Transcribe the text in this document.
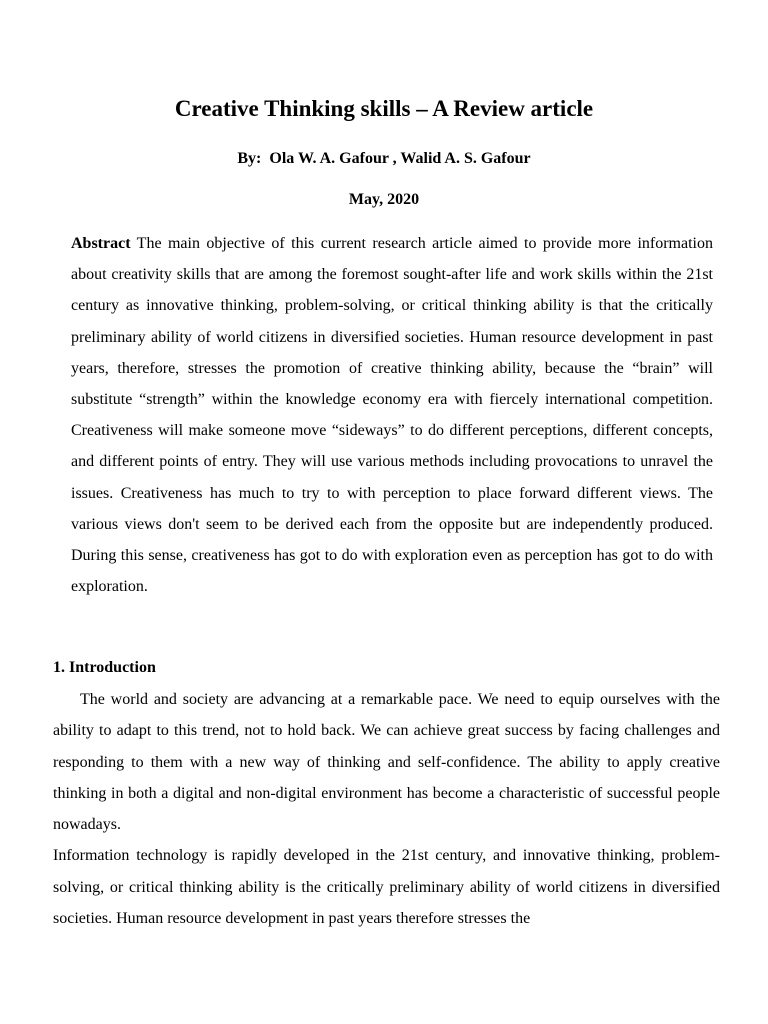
Creative Thinking skills – A Review article

By:  Ola W. A. Gafour , Walid A. S. Gafour

May, 2020

Abstract The main objective of this current research article aimed to provide more information about creativity skills that are among the foremost sought-after life and work skills within the 21st century as innovative thinking, problem-solving, or critical thinking ability is that the critically preliminary ability of world citizens in diversified societies. Human resource development in past years, therefore, stresses the promotion of creative thinking ability, because the “brain” will substitute “strength” within the knowledge economy era with fiercely international competition. Creativeness will make someone move “sideways” to do different perceptions, different concepts, and different points of entry. They will use various methods including provocations to unravel the issues. Creativeness has much to try to with perception to place forward different views. The various views don't seem to be derived each from the opposite but are independently produced. During this sense, creativeness has got to do with exploration even as perception has got to do with exploration.

1. Introduction

The world and society are advancing at a remarkable pace. We need to equip ourselves with the ability to adapt to this trend, not to hold back. We can achieve great success by facing challenges and responding to them with a new way of thinking and self-confidence. The ability to apply creative thinking in both a digital and non-digital environment has become a characteristic of successful people nowadays.

Information technology is rapidly developed in the 21st century, and innovative thinking, problem-solving, or critical thinking ability is the critically preliminary ability of world citizens in diversified societies. Human resource development in past years therefore stresses the
